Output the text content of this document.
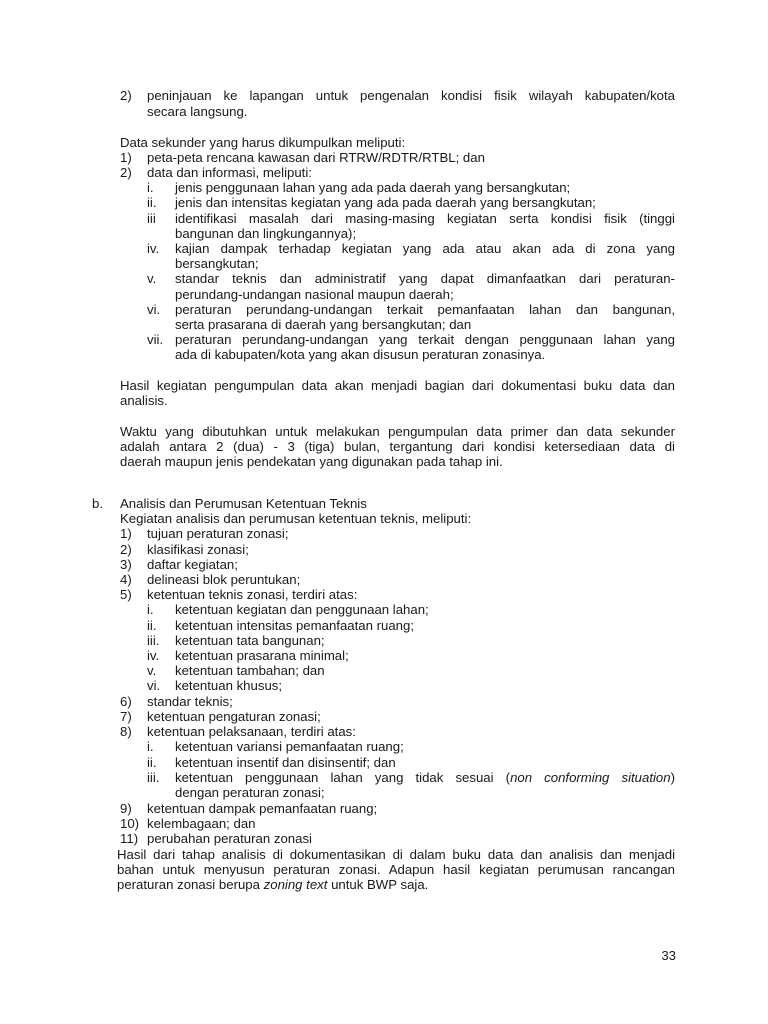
2) peninjauan ke lapangan untuk pengenalan kondisi fisik wilayah kabupaten/kota
secara langsung.
Data sekunder yang harus dikumpulkan meliputi:
1) peta-peta rencana kawasan dari RTRW/RDTR/RTBL; dan
2) data dan informasi, meliputi:
i. jenis penggunaan lahan yang ada pada daerah yang bersangkutan;
ii. jenis dan intensitas kegiatan yang ada pada daerah yang bersangkutan;
iii identifikasi masalah dari masing-masing kegiatan serta kondisi fisik (tinggi
bangunan dan lingkungannya);
iv. kajian dampak terhadap kegiatan yang ada atau akan ada di zona yang
bersangkutan;
v. standar teknis dan administratif yang dapat dimanfaatkan dari peraturan-
perundang-undangan nasional maupun daerah;
vi. peraturan perundang-undangan terkait pemanfaatan lahan dan bangunan,
serta prasarana di daerah yang bersangkutan; dan
vii. peraturan perundang-undangan yang terkait dengan penggunaan lahan yang
ada di kabupaten/kota yang akan disusun peraturan zonasinya.
Hasil kegiatan pengumpulan data akan menjadi bagian dari dokumentasi buku data dan
analisis.
Waktu yang dibutuhkan untuk melakukan pengumpulan data primer dan data sekunder
adalah antara 2 (dua) - 3 (tiga) bulan, tergantung dari kondisi ketersediaan data di
daerah maupun jenis pendekatan yang digunakan pada tahap ini.
b. Analisis dan Perumusan Ketentuan Teknis
Kegiatan analisis dan perumusan ketentuan teknis, meliputi:
1) tujuan peraturan zonasi;
2) klasifikasi zonasi;
3) daftar kegiatan;
4) delineasi blok peruntukan;
5) ketentuan teknis zonasi, terdiri atas:
i. ketentuan kegiatan dan penggunaan lahan;
ii. ketentuan intensitas pemanfaatan ruang;
iii. ketentuan tata bangunan;
iv. ketentuan prasarana minimal;
v. ketentuan tambahan; dan
vi. ketentuan khusus;
6) standar teknis;
7) ketentuan pengaturan zonasi;
8) ketentuan pelaksanaan, terdiri atas:
i. ketentuan variansi pemanfaatan ruang;
ii. ketentuan insentif dan disinsentif; dan
iii. ketentuan penggunaan lahan yang tidak sesuai (non conforming situation)
dengan peraturan zonasi;
9) ketentuan dampak pemanfaatan ruang;
10) kelembagaan; dan
11) perubahan peraturan zonasi
Hasil dari tahap analisis di dokumentasikan di dalam buku data dan analisis dan menjadi
bahan untuk menyusun peraturan zonasi. Adapun hasil kegiatan perumusan rancangan
peraturan zonasi berupa zoning text untuk BWP saja.
33
